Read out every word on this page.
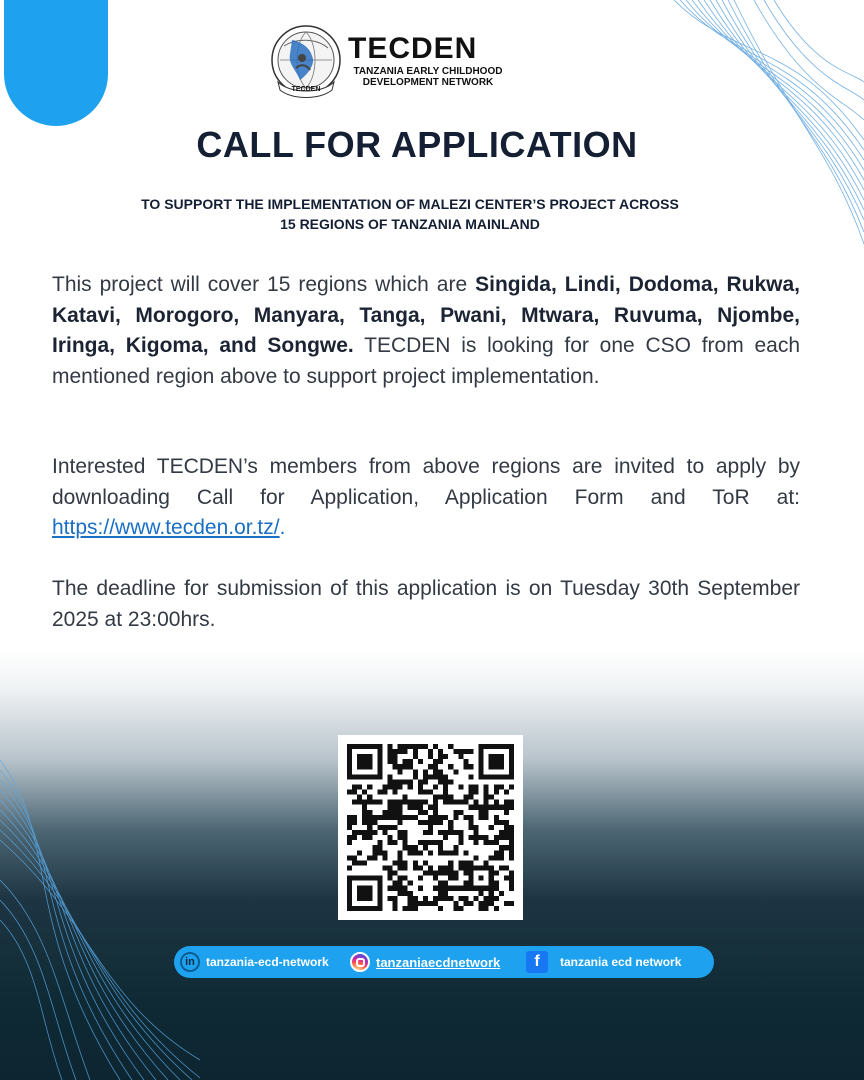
TECDEN
TECDEN
TANZANIA EARLY CHILDHOOD
DEVELOPMENT NETWORK
CALL FOR APPLICATION
TO SUPPORT THE IMPLEMENTATION OF MALEZI CENTER’S PROJECT ACROSS
15 REGIONS OF TANZANIA MAINLAND

This project will cover 15 regions which are Singida, Lindi, Dodoma, Rukwa, Katavi, Morogoro, Manyara, Tanga, Pwani, Mtwara, Ruvuma, Njombe, Iringa, Kigoma, and Songwe. TECDEN is looking for one CSO from each mentioned region above to support project implementation.

Interested TECDEN’s members from above regions are invited to apply by downloading Call for Application, Application Form and ToR at: https://www.tecden.or.tz/.

The deadline for submission of this application is on Tuesday 30th September 2025 at 23:00hrs.

in tanzania-ecd-network	tanzaniaecdnetwork	f	tanzania ecd network
